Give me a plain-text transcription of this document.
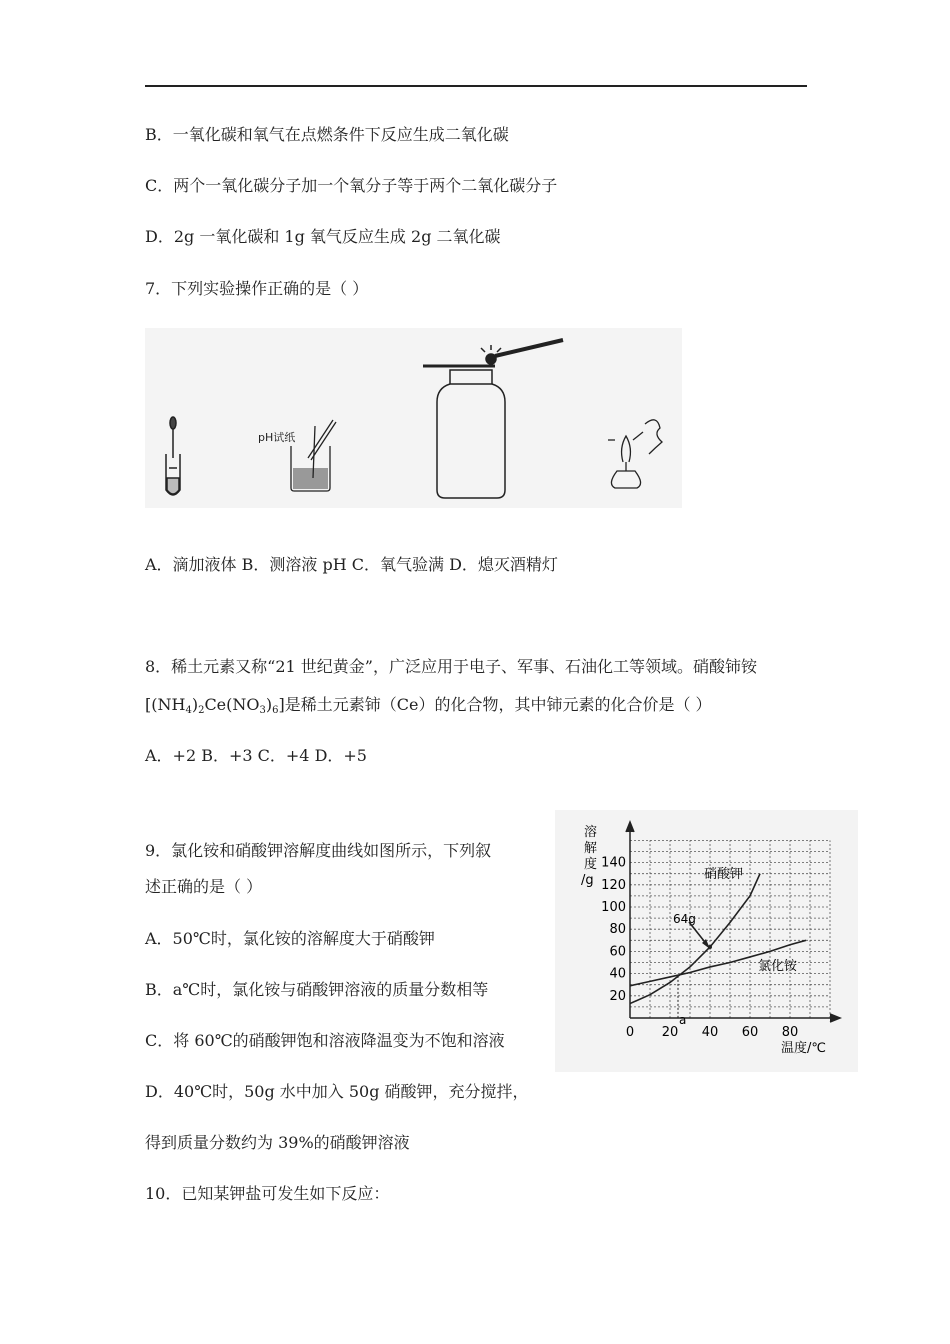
B．一氧化碳和氧气在点燃条件下反应生成二氧化碳
C．两个一氧化碳分子加一个氧分子等于两个二氧化碳分子
D．2g 一氧化碳和 1g 氧气反应生成 2g 二氧化碳
7．下列实验操作正确的是（ ）
pH试纸
A．滴加液体 B．测溶液 pH C．氧气验满 D．熄灭酒精灯
8．稀土元素又称“21 世纪黄金”，广泛应用于电子、军事、石油化工等领域。硝酸铈铵
$[(NH_4)_2Ce(NO_3)_6]$是稀土元素铈（Ce）的化合物，其中铈元素的化合价是（ ）
A．+2 B．+3 C．+4 D．+5
9．氯化铵和硝酸钾溶解度曲线如图所示，下列叙
述正确的是（ ）
A．50℃时，氯化铵的溶解度大于硝酸钾
B．a℃时，氯化铵与硝酸钾溶液的质量分数相等
C．将 60℃的硝酸钾饱和溶液降温变为不饱和溶液
D．40℃时，50g 水中加入 50g 硝酸钾，充分搅拌，
得到质量分数约为 39%的硝酸钾溶液
10．已知某钾盐可发生如下反应：
溶
解
度
/g
20
40
60
80
100
120
140
0 20 40 60 80
温度/℃
硝酸钾
氯化铵
64g
a
